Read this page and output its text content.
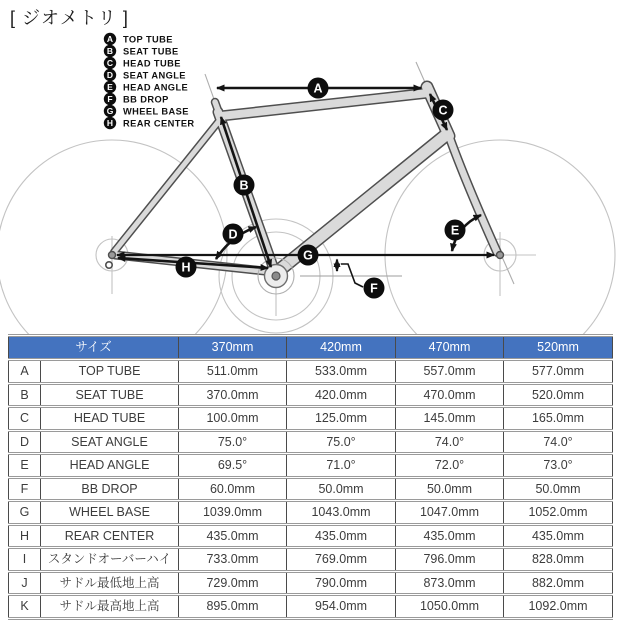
[ ジオメトリ ]
A
B
C
D	E
F
G
H
A TOP TUBE
B SEAT TUBE
C HEAD TUBE
D SEAT ANGLE
E HEAD ANGLE
F BB DROP
G WHEEL BASE
H REAR CENTER
サイズ		370mm	420mm	470mm	520mm
A	TOP TUBE	511.0mm	533.0mm	557.0mm	577.0mm
B	SEAT TUBE	370.0mm	420.0mm	470.0mm	520.0mm
C	HEAD TUBE	100.0mm	125.0mm	145.0mm	165.0mm
D	SEAT ANGLE	75.0°	75.0°	74.0°	74.0°
E	HEAD ANGLE	69.5°	71.0°	72.0°	73.0°
F	BB DROP	60.0mm	50.0mm	50.0mm	50.0mm
G	WHEEL BASE	1039.0mm	1043.0mm	1047.0mm	1052.0mm
H	REAR CENTER	435.0mm	435.0mm	435.0mm	435.0mm
I	スタンドオーバーハイ	733.0mm	769.0mm	796.0mm	828.0mm
J	サドル最低地上高	729.0mm	790.0mm	873.0mm	882.0mm
K	サドル最高地上高	895.0mm	954.0mm	1050.0mm	1092.0mm
